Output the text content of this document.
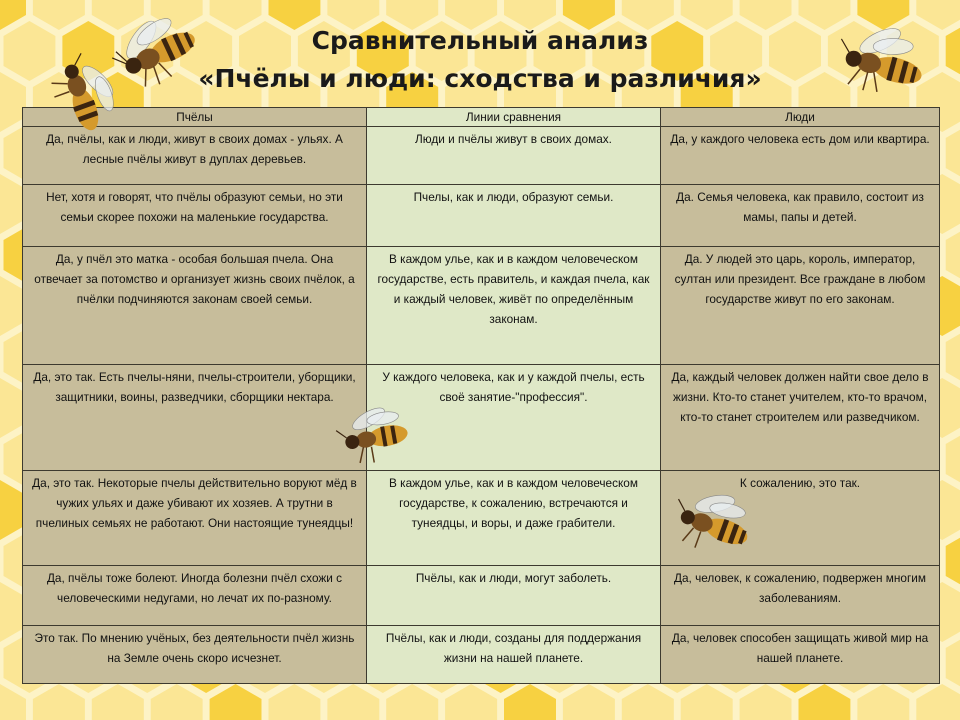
Сравнительный анализ
«Пчёлы и люди: сходства и различия»
Пчёлы	Линии сравнения	Люди
Да, пчёлы, как и люди, живут в своих домах - ульях. А лесные пчёлы живут в дуплах деревьев.	Люди и пчёлы живут в своих домах.	Да, у каждого человека есть дом или квартира.
Нет, хотя и говорят, что пчёлы образуют семьи, но эти семьи скорее похожи на маленькие государства.	Пчелы, как и люди, образуют семьи.	Да. Семья человека, как правило, состоит из мамы, папы и детей.
Да, у пчёл это матка - особая большая пчела. Она отвечает за потомство и организует жизнь своих пчёлок, а пчёлки подчиняются законам своей семьи.	В каждом улье, как и в каждом человеческом государстве, есть правитель, и каждая пчела, как и каждый человек, живёт по определённым законам.	Да. У людей это царь, король, император, султан или президент. Все граждане в любом государстве живут по его законам.
Да, это так. Есть пчелы-няни, пчелы-строители, уборщики, защитники, воины, разведчики, сборщики нектара.	У каждого человека, как и у каждой пчелы, есть своё занятие-"профессия".	Да, каждый человек должен найти свое дело в жизни. Кто-то станет учителем, кто-то врачом, кто-то станет строителем или разведчиком.
Да, это так. Некоторые пчелы действительно воруют мёд в чужих ульях и даже убивают их хозяев. А трутни в пчелиных семьях не работают. Они настоящие тунеядцы!	В каждом улье, как и в каждом человеческом государстве, к сожалению, встречаются и тунеядцы, и воры, и даже грабители.	К сожалению, это так.
Да, пчёлы тоже болеют. Иногда болезни пчёл схожи с человеческими недугами, но лечат их по-разному.	Пчёлы, как и люди, могут заболеть.	Да, человек, к сожалению, подвержен многим заболеваниям.
Это так. По мнению учёных, без деятельности пчёл жизнь на Земле очень скоро исчезнет.	Пчёлы, как и люди, созданы для поддержания жизни на нашей планете.	Да, человек способен защищать живой мир на нашей планете.
